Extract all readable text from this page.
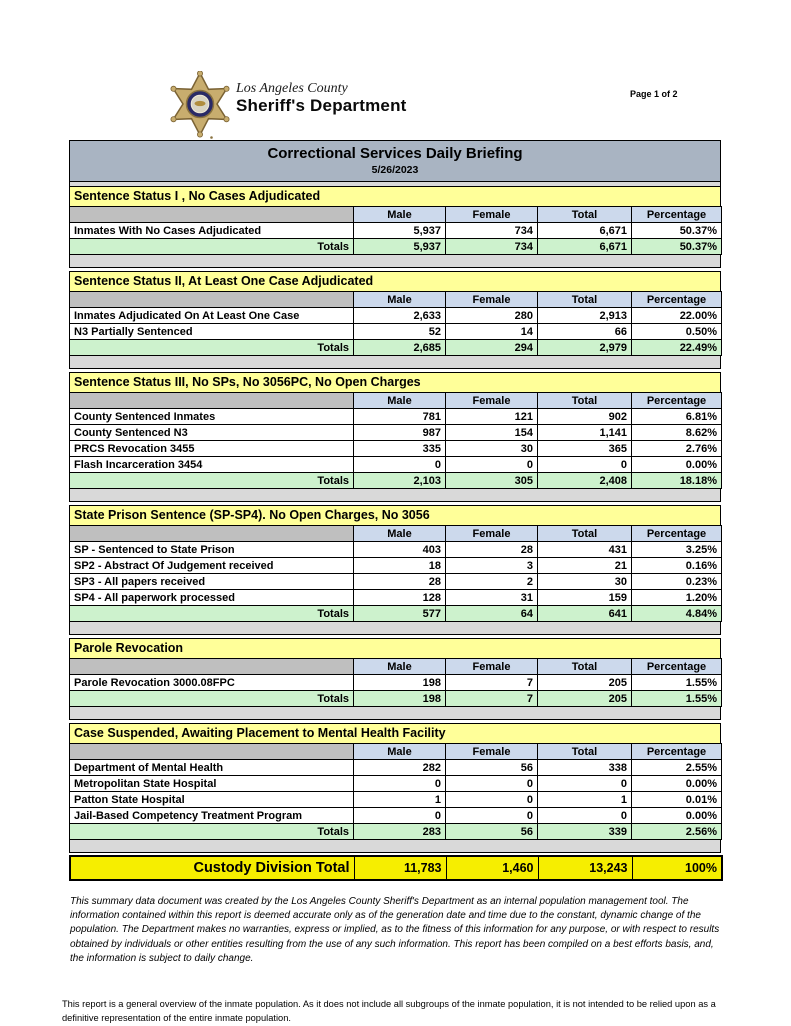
Los Angeles County
Sheriff's Department
Page 1 of 2
Correctional Services Daily Briefing
5/26/2023
Sentence Status I , No Cases Adjudicated
	Male	Female	Total	Percentage
Inmates With No Cases Adjudicated	5,937	734	6,671	50.37%
Totals	5,937	734	6,671	50.37%
Sentence Status II, At Least One Case Adjudicated
	Male	Female	Total	Percentage
Inmates Adjudicated On At Least One Case	2,633	280	2,913	22.00%
N3 Partially Sentenced	52	14	66	0.50%
Totals	2,685	294	2,979	22.49%
Sentence Status III, No SPs, No 3056PC, No Open Charges
	Male	Female	Total	Percentage
County Sentenced Inmates	781	121	902	6.81%
County Sentenced N3	987	154	1,141	8.62%
PRCS Revocation 3455	335	30	365	2.76%
Flash Incarceration 3454	0	0	0	0.00%
Totals	2,103	305	2,408	18.18%
State Prison Sentence (SP-SP4). No Open Charges, No 3056
	Male	Female	Total	Percentage
SP - Sentenced to State Prison	403	28	431	3.25%
SP2 - Abstract Of Judgement received	18	3	21	0.16%
SP3 - All papers received	28	2	30	0.23%
SP4 - All paperwork processed	128	31	159	1.20%
Totals	577	64	641	4.84%
Parole Revocation
	Male	Female	Total	Percentage
Parole Revocation 3000.08FPC	198	7	205	1.55%
Totals	198	7	205	1.55%
Case Suspended, Awaiting Placement to Mental Health Facility
	Male	Female	Total	Percentage
Department of Mental Health	282	56	338	2.55%
Metropolitan State Hospital	0	0	0	0.00%
Patton State Hospital	1	0	1	0.01%
Jail-Based Competency Treatment Program	0	0	0	0.00%
Totals	283	56	339	2.56%
Custody Division Total	11,783	1,460	13,243	100%

This summary data document was created by the Los Angeles County Sheriff's Department as an internal population management tool. The information contained within this report is deemed accurate only as of the generation date and time due to the constant, dynamic change of the population. The Department makes no warranties, express or implied, as to the fitness of this information for any purpose, or with respect to results obtained by individuals or other entities resulting from the use of any such information. This report has been compiled on a best efforts basis, and, the information is subject to daily change.

This report is a general overview of the inmate population. As it does not include all subgroups of the inmate population, it is not intended to be relied upon as a definitive representation of the entire inmate population.
